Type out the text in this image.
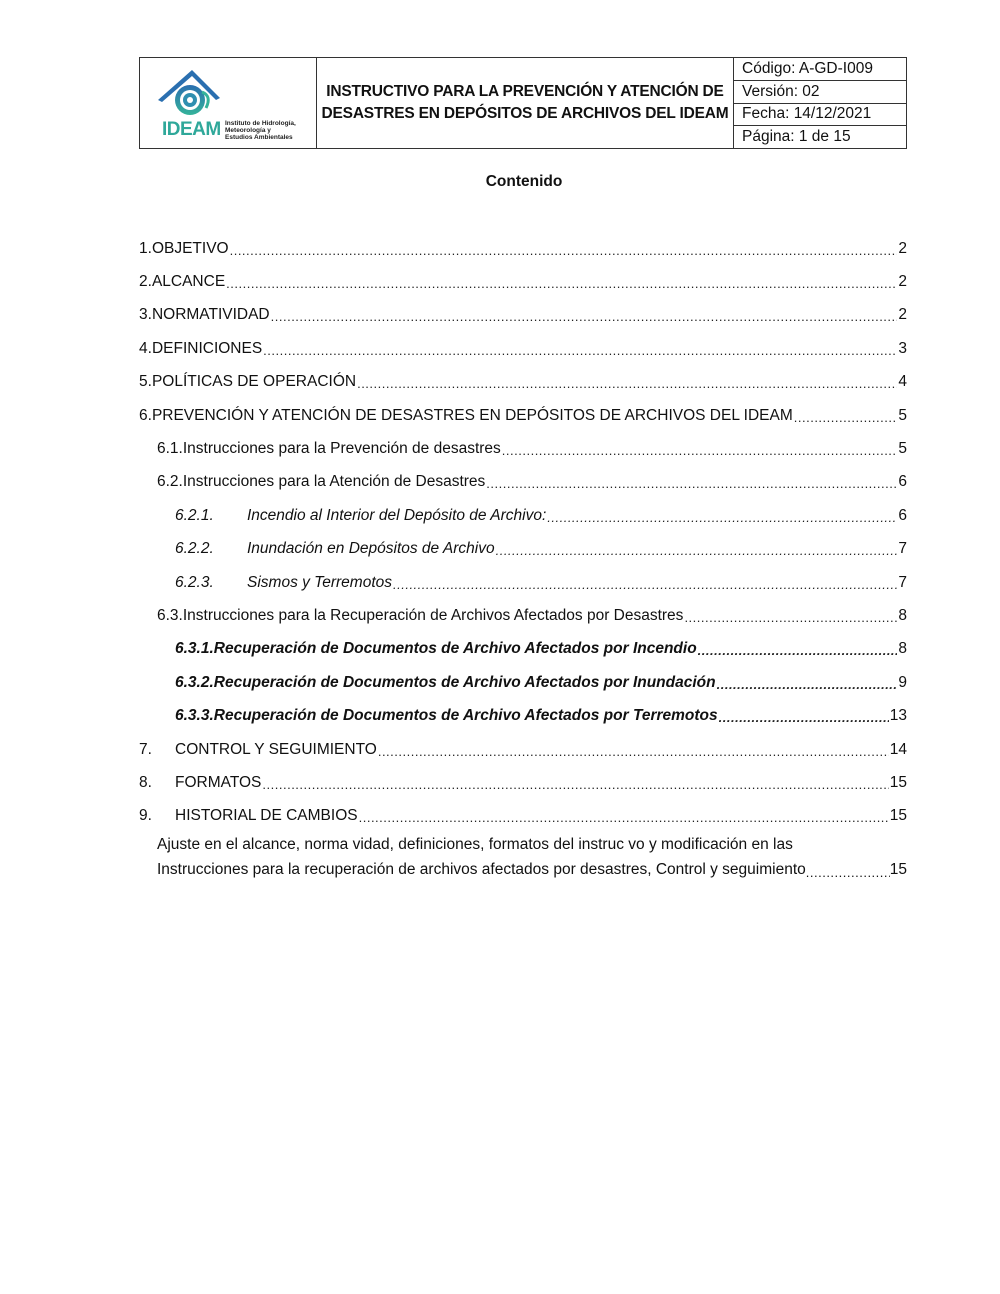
IDEAM Instituto de Hidrología,
Meteorología y
Estudios Ambientales
INSTRUCTIVO PARA LA PREVENCIÓN Y ATENCIÓN DE
DESASTRES EN DEPÓSITOS DE ARCHIVOS DEL IDEAM
Código: A-GD-I009
Versión: 02
Fecha: 14/12/2021
Página: 1 de 15
Contenido
1. OBJETIVO .....	2
2. ALCANCE .....	2
3. NORMATIVIDAD .....	2
4. DEFINICIONES .....	3
5. POLÍTICAS DE OPERACIÓN .....	4
6. PREVENCIÓN Y ATENCIÓN DE DESASTRES EN DEPÓSITOS DE ARCHIVOS DEL IDEAM .....	5
6.1. Instrucciones para la Prevención de desastres .....	5
6.2. Instrucciones para la Atención de Desastres .....	6
6.2.1.	Incendio al Interior del Depósito de Archivo: .....	6
6.2.2.	Inundación en Depósitos de Archivo .....	7
6.2.3.	Sismos y Terremotos .....	7
6.3. Instrucciones para la Recuperación de Archivos Afectados por Desastres .....	8
6.3.1. Recuperación de Documentos de Archivo Afectados por Incendio .....	8
6.3.2. Recuperación de Documentos de Archivo Afectados por Inundación .....	9
6.3.3. Recuperación de Documentos de Archivo Afectados por Terremotos .....	13
7.	CONTROL Y SEGUIMIENTO .....	14
8.	FORMATOS .....	15
9.	HISTORIAL DE CAMBIOS .....	15
Ajuste en el alcance, norma vidad, definiciones, formatos del instruc vo y modificación en las
Instrucciones para la recuperación de archivos afectados por desastres, Control y seguimiento .....	15
